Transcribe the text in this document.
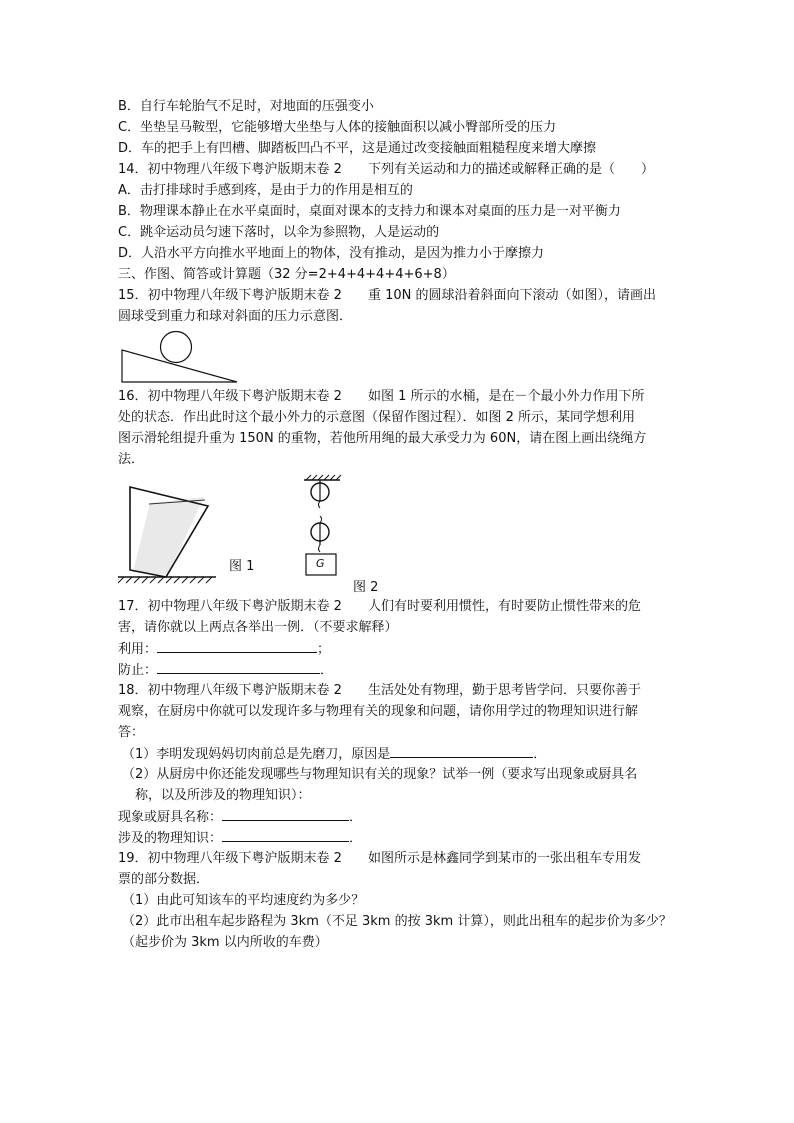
B．自行车轮胎气不足时，对地面的压强变小
C．坐垫呈马鞍型，它能够增大坐垫与人体的接触面积以减小臀部所受的压力
D．车的把手上有凹槽、脚踏板凹凸不平，这是通过改变接触面粗糙程度来增大摩擦
14．初中物理八年级下粤沪版期末卷 2　　下列有关运动和力的描述或解释正确的是（　　）
A．击打排球时手感到疼，是由于力的作用是相互的
B．物理课本静止在水平桌面时，桌面对课本的支持力和课本对桌面的压力是一对平衡力
C．跳伞运动员匀速下落时，以伞为参照物，人是运动的
D．人沿水平方向推水平地面上的物体，没有推动，是因为推力小于摩擦力
三、作图、简答或计算题（32 分=2+4+4+4+4+6+8）
15．初中物理八年级下粤沪版期末卷 2　　重 10N 的圆球沿着斜面向下滚动（如图），请画出
圆球受到重力和球对斜面的压力示意图．
16．初中物理八年级下粤沪版期末卷 2　　如图 1 所示的水桶，是在－个最小外力作用下所
处的状态．作出此时这个最小外力的示意图（保留作图过程）．如图 2 所示，某同学想利用
图示滑轮组提升重为 150N 的重物，若他所用绳的最大承受力为 60N，请在图上画出绕绳方
法．
图 1	G
图 2
17．初中物理八年级下粤沪版期末卷 2　　人们有时要利用惯性，有时要防止惯性带来的危
害，请你就以上两点各举出一例．（不要求解释）
利用：	；
防止：	．
18．初中物理八年级下粤沪版期末卷 2　　生活处处有物理，勤于思考皆学问．只要你善于
观察，在厨房中你就可以发现许多与物理有关的现象和问题，请你用学过的物理知识进行解
答：
（1）李明发现妈妈切肉前总是先磨刀，原因是	．
（2）从厨房中你还能发现哪些与物理知识有关的现象？试举一例（要求写出现象或厨具名
　称，以及所涉及的物理知识）：
现象或厨具名称：	．
涉及的物理知识：	．
19．初中物理八年级下粤沪版期末卷 2　　如图所示是林鑫同学到某市的一张出租车专用发
票的部分数据．
（1）由此可知该车的平均速度约为多少？
（2）此市出租车起步路程为 3km（不足 3km 的按 3km 计算），则此出租车的起步价为多少？
（起步价为 3km 以内所收的车费）
